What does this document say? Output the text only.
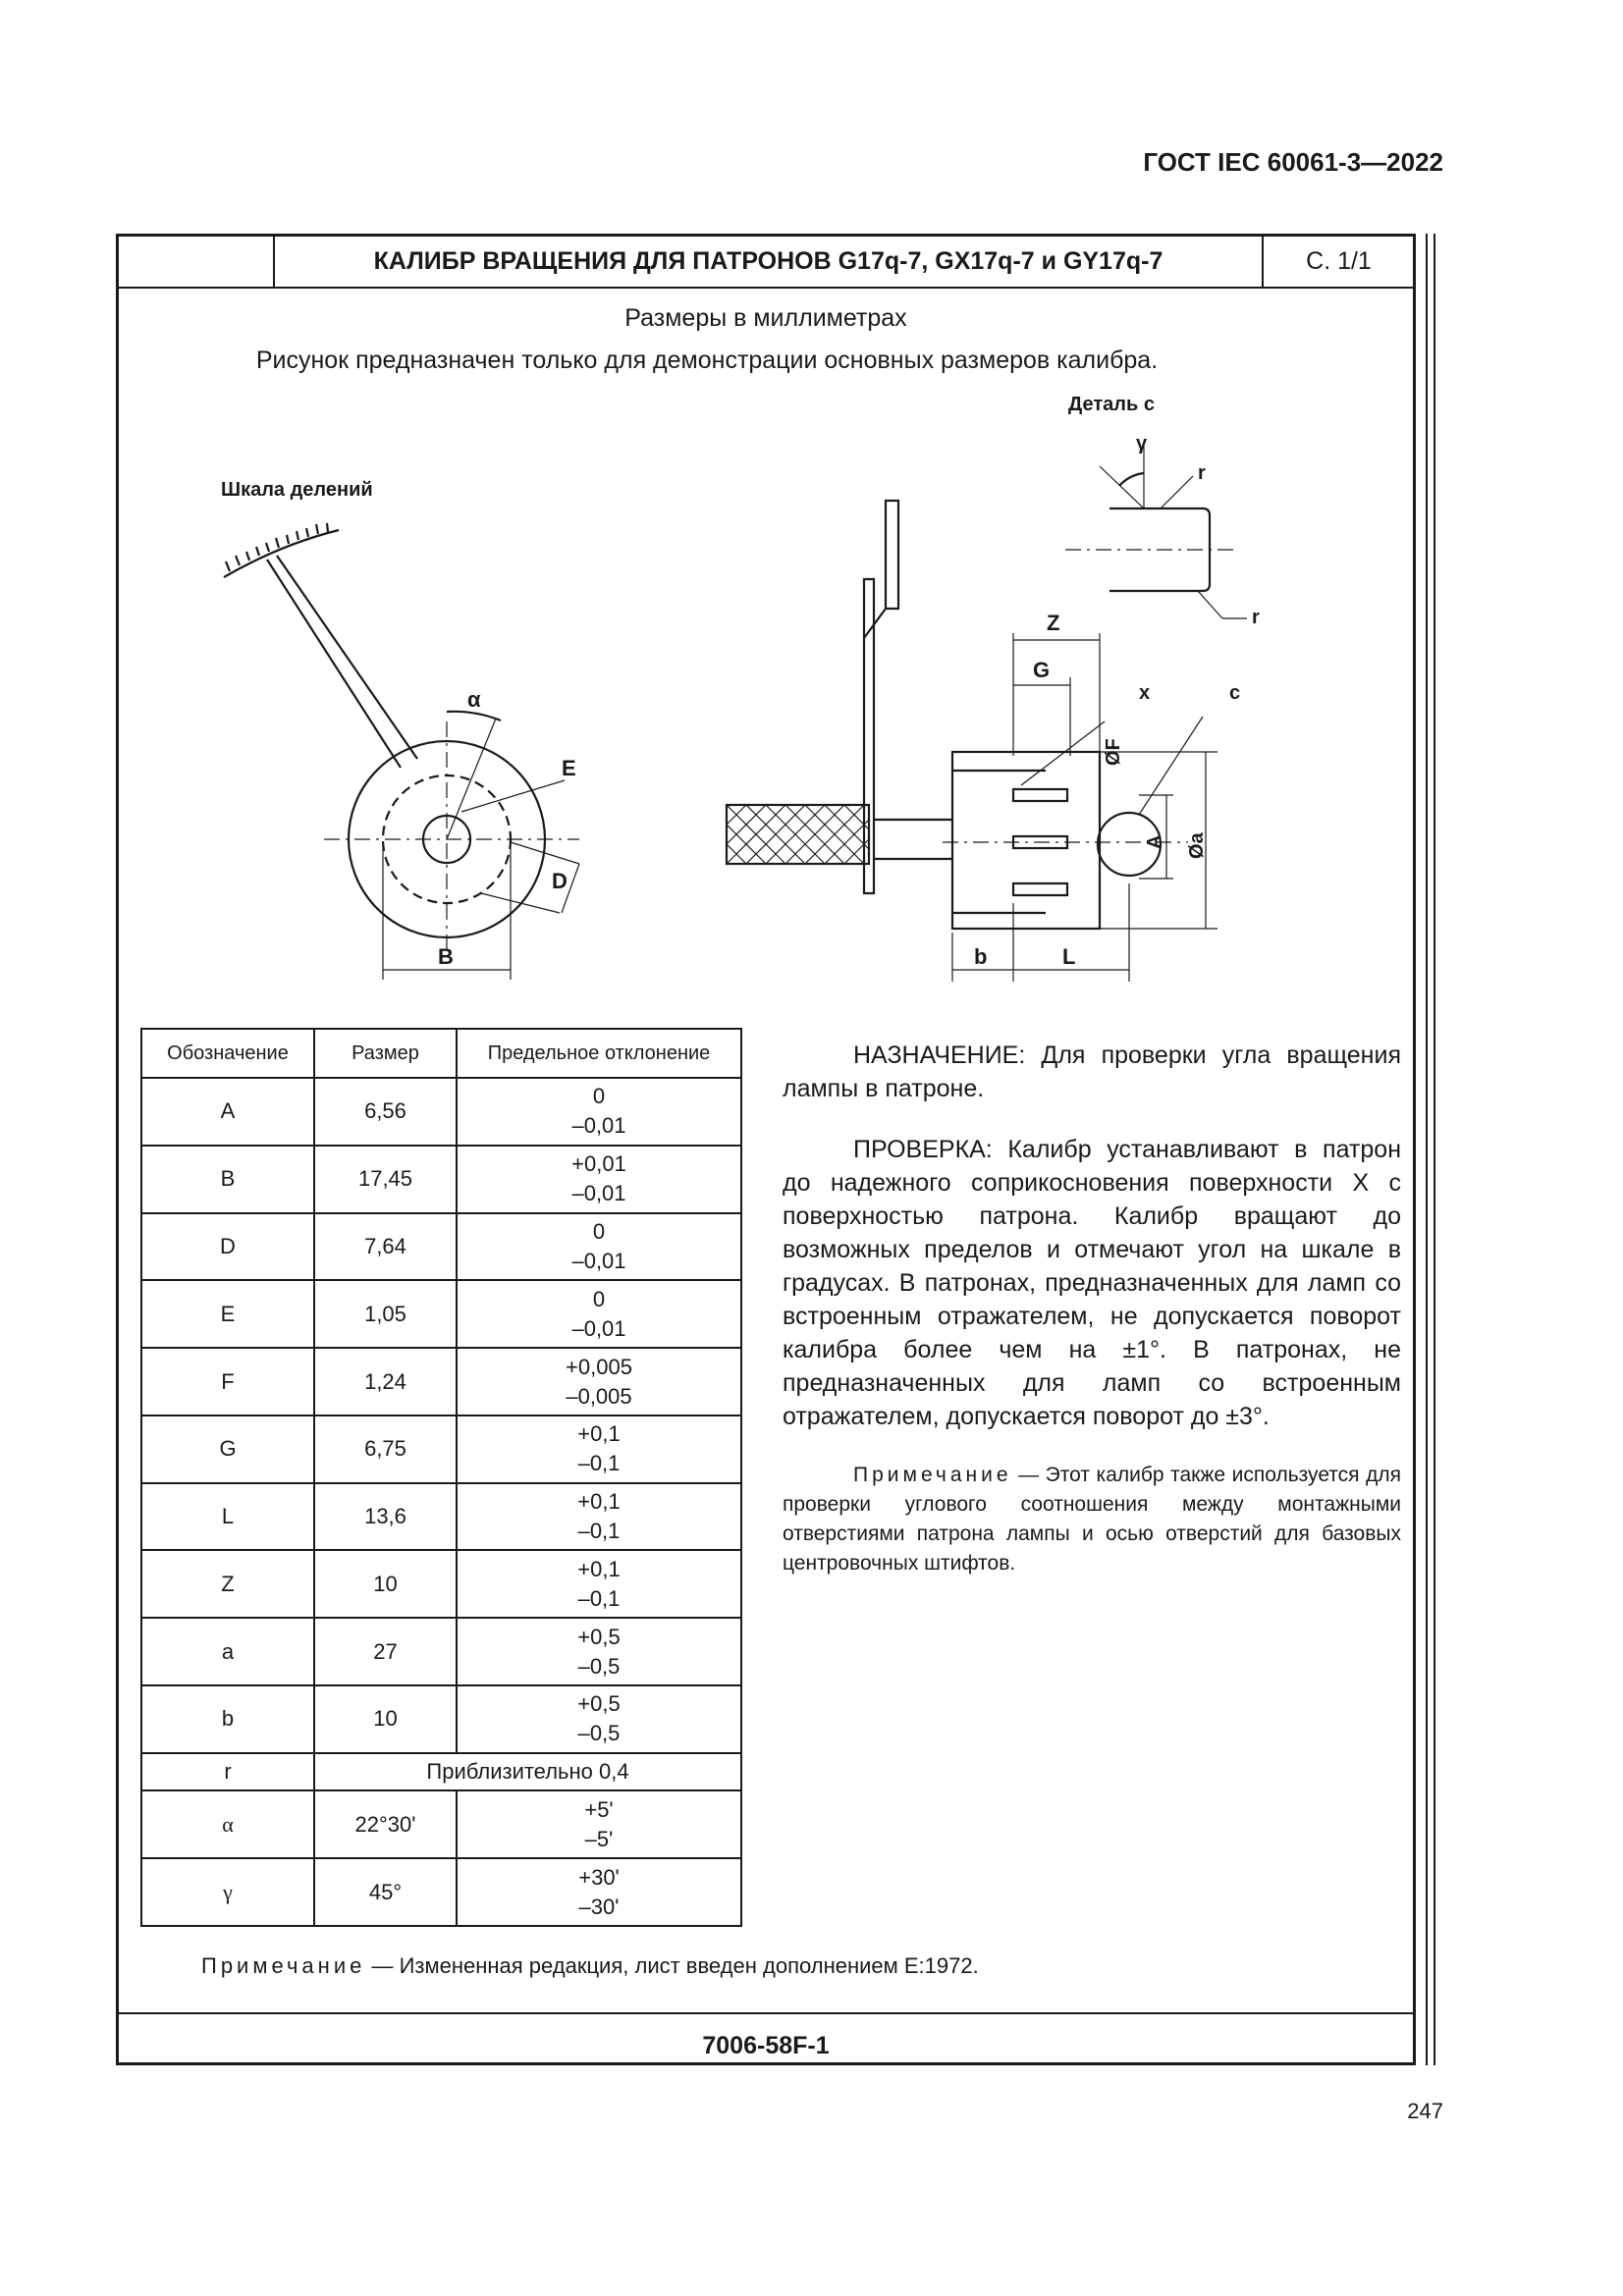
ГОСТ IEC 60061-3—2022
КАЛИБР ВРАЩЕНИЯ ДЛЯ ПАТРОНОВ G17q-7, GX17q-7 и GY17q-7	С. 1/1
Размеры в миллиметрах
Рисунок предназначен только для демонстрации основных размеров калибра.
Шкала делений
Деталь с
α
E
D
B
γ
r
r
Z
G
x	c
ØF
A Øa
b	L
Обозначение	Размер	Предельное отклонение
A	6,56	0
–0,01

B	17,45	+0,01
–0,01

D	7,64	0
–0,01

E	1,05	0
–0,01

F	1,24	+0,005
–0,005

G	6,75	+0,1
–0,1

L	13,6	+0,1
–0,1

Z	10	+0,1
–0,1

a	27	+0,5
–0,5

b	10	+0,5
–0,5

r	Приблизительно 0,4	
α	22°30'	+5'
–5'

γ	45°	+30'
–30'

НАЗНАЧЕНИЕ: Для проверки угла вращения лампы в патроне.

ПРОВЕРКА: Калибр устанавливают в патрон до надежного соприкосновения поверхности X с поверхностью патрона. Калибр вращают до возможных пределов и отмечают угол на шкале в градусах. В патронах, предназначенных для ламп со встроенным отражателем, не допускается поворот калибра более чем на ±1°. В патронах, не предназначенных для ламп со встроенным отражателем, допускается поворот до ±3°.

Примечание — Этот калибр также используется для проверки углового соотношения между монтажными отверстиями патрона лампы и осью отверстий для базовых центровочных штифтов.

Примечание — Измененная редакция, лист введен дополнением Е:1972.
7006-58F-1
247
